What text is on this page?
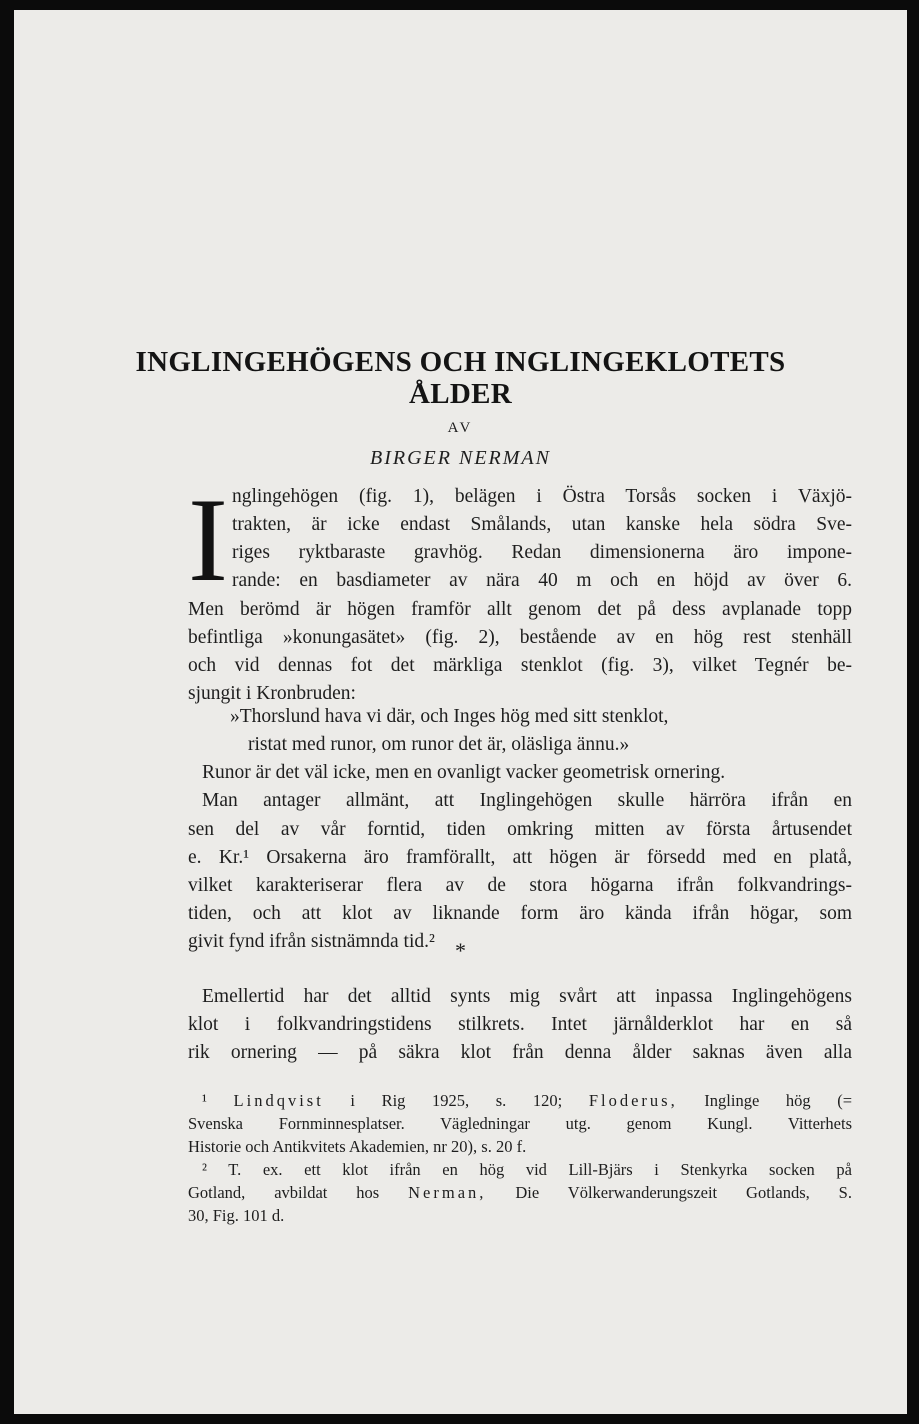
INGLINGEHÖGENS OCH INGLINGEKLOTETS
ÅLDER
AV
BIRGER NERMAN
I nglingehögen (fig. 1), belägen i Östra Torsås socken i Växjö-
trakten, är icke endast Smålands, utan kanske hela södra Sve-
riges ryktbaraste gravhög. Redan dimensionerna äro impone-
rande: en basdiameter av nära 40 m och en höjd av över 6.
Men berömd är högen framför allt genom det på dess avplanade topp
befintliga »konungasätet» (fig. 2), bestående av en hög rest stenhäll
och vid dennas fot det märkliga stenklot (fig. 3), vilket Tegnér be-
sjungit i Kronbruden:
»Thorslund hava vi där, och Inges hög med sitt stenklot,
ristat med runor, om runor det är, oläsliga ännu.»
Runor är det väl icke, men en ovanligt vacker geometrisk ornering.
Man antager allmänt, att Inglingehögen skulle härröra ifrån en
sen del av vår forntid, tiden omkring mitten av första årtusendet
e. Kr.¹ Orsakerna äro framförallt, att högen är försedd med en platå,
vilket karakteriserar flera av de stora högarna ifrån folkvandrings-
tiden, och att klot av liknande form äro kända ifrån högar, som
givit fynd ifrån sistnämnda tid.² *
Emellertid har det alltid synts mig svårt att inpassa Inglingehögens
klot i folkvandringstidens stilkrets. Intet järnålderklot har en så
rik ornering — på säkra klot från denna ålder saknas även alla
¹ Lindqvist i Rig 1925, s. 120; Floderus, Inglinge hög (=
Svenska Fornminnesplatser. Vägledningar utg. genom Kungl. Vitterhets
Historie och Antikvitets Akademien, nr 20), s. 20 f.
² T. ex. ett klot ifrån en hög vid Lill-Bjärs i Stenkyrka socken på
Gotland, avbildat hos Nerman, Die Völkerwanderungszeit Gotlands, S.
30, Fig. 101 d.
